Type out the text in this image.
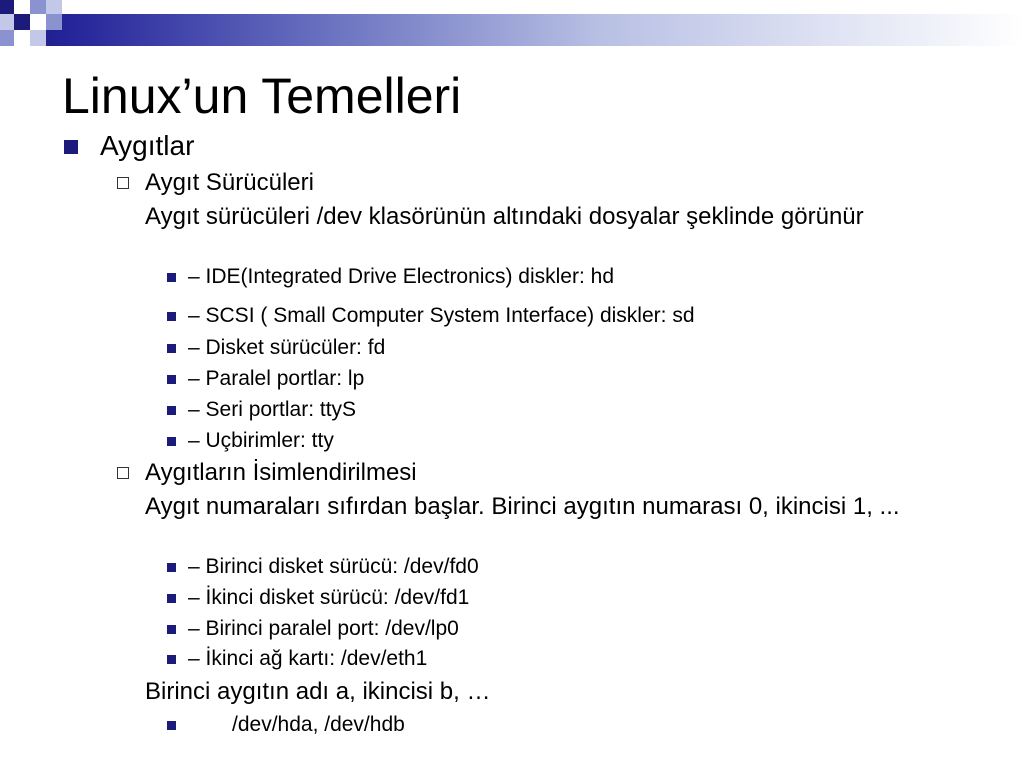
Linux’un Temelleri
Aygıtlar
Aygıt Sürücüleri
Aygıt sürücüleri /dev klasörünün altındaki dosyalar şeklinde görünür
– IDE(Integrated Drive Electronics) diskler: hd
– SCSI ( Small Computer System Interface) diskler: sd
– Disket sürücüler: fd
– Paralel portlar: lp
– Seri portlar: ttyS
– Uçbirimler: tty
Aygıtların İsimlendirilmesi
Aygıt numaraları sıfırdan başlar. Birinci aygıtın numarası 0, ikincisi 1, ...
– Birinci disket sürücü: /dev/fd0
– İkinci disket sürücü: /dev/fd1
– Birinci paralel port: /dev/lp0
– İkinci ağ kartı: /dev/eth1
Birinci aygıtın adı a, ikincisi b, …
/dev/hda, /dev/hdb
